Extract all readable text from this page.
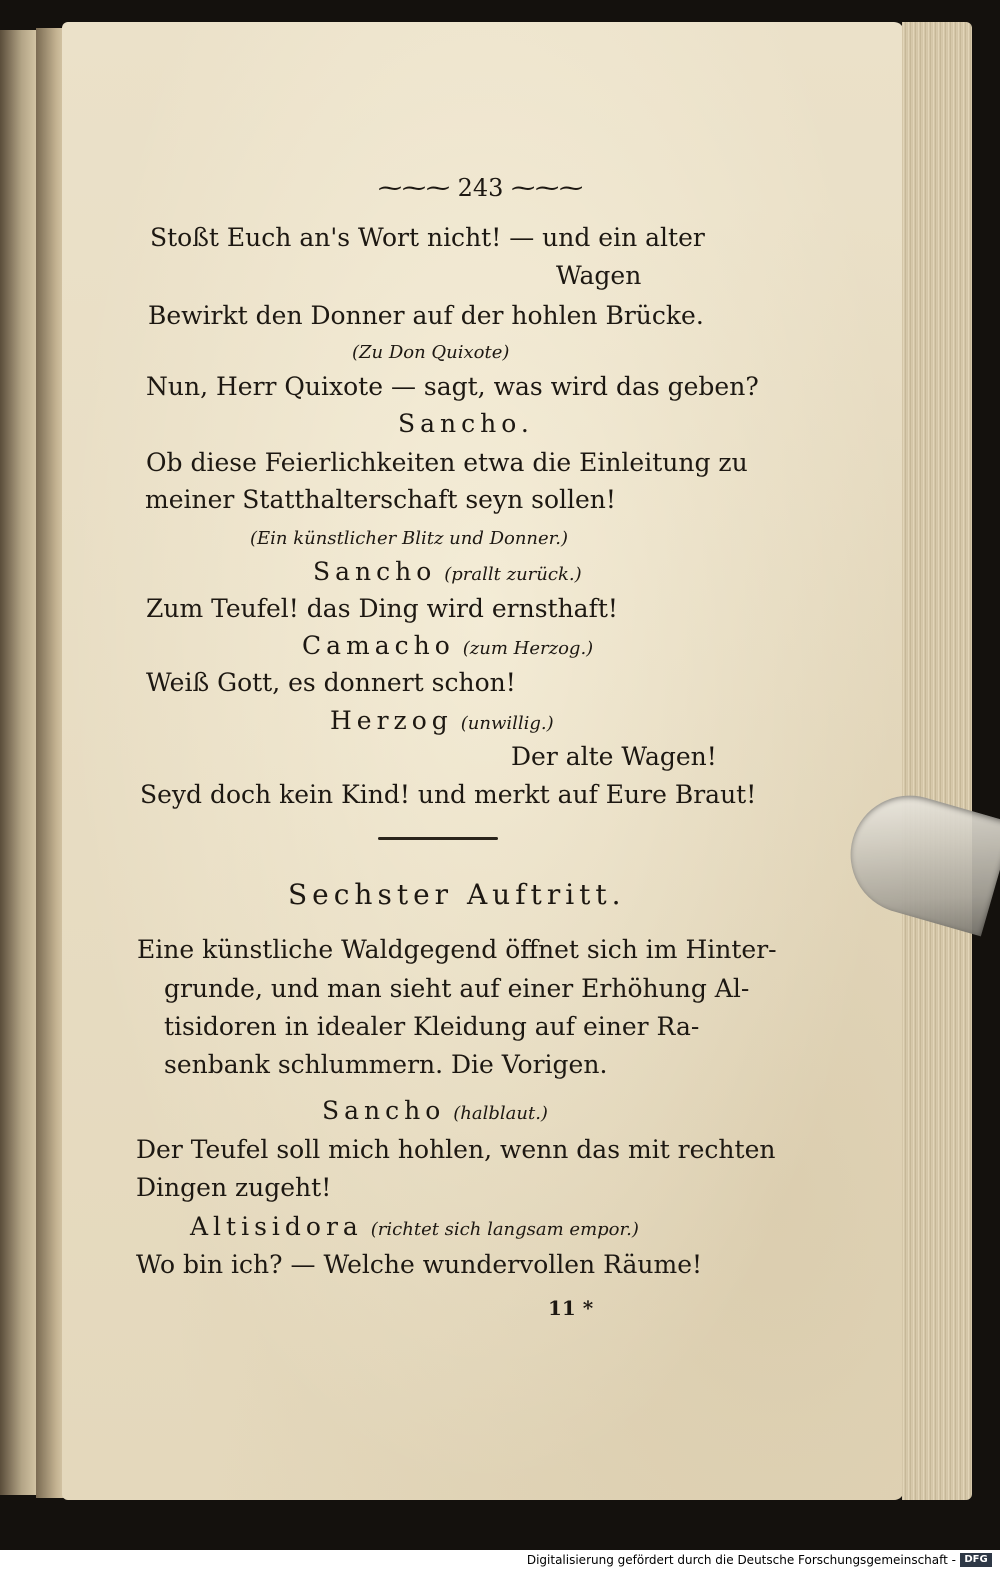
⁓⁓⁓ 243 ⁓⁓⁓
Stoßt Euch an's Wort nicht! — und ein alter
Wagen
Bewirkt den Donner auf der hohlen Brücke.
(Zu Don Quixote)
Nun, Herr Quixote — sagt, was wird das geben?
Sancho.
Ob diese Feierlichkeiten etwa die Einleitung zu
meiner Statthalterschaft seyn sollen!
(Ein künstlicher Blitz und Donner.)
Sancho (prallt zurück.)
Zum Teufel! das Ding wird ernsthaft!
Camacho (zum Herzog.)
Weiß Gott, es donnert schon!
Herzog (unwillig.)
Der alte Wagen!
Seyd doch kein Kind! und merkt auf Eure Braut!
Sechster Auftritt.
Eine künstliche Waldgegend öffnet sich im Hinter-
grunde, und man sieht auf einer Erhöhung Al-
tisidoren in idealer Kleidung auf einer Ra-
senbank schlummern. Die Vorigen.
Sancho (halblaut.)
Der Teufel soll mich hohlen, wenn das mit rechten
Dingen zugeht!
Altisidora (richtet sich langsam empor.)
Wo bin ich? — Welche wundervollen Räume!
11 *
Digitalisierung gefördert durch die Deutsche Forschungsgemeinschaft - DFG
